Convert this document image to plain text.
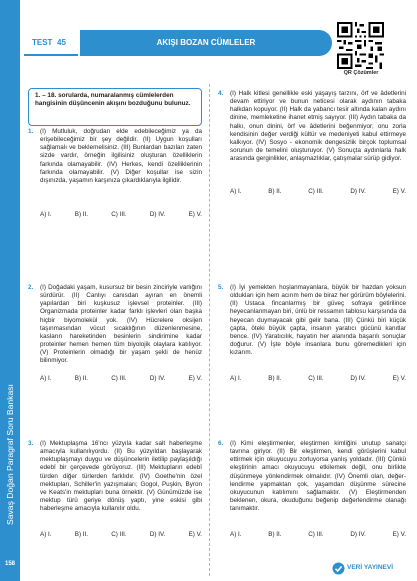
Savaş Doğan Paragraf Soru Bankası
158
TEST 45	AKIŞI BOZAN CÜMLELER
QR Çözümler
1. – 18. sorularda, numaralanmış cümlelerden hangisinin düşüncenin akışını bozduğunu bulunuz.
1. (I) Mutluluk, doğrudan elde edebileceğimiz ya da erişebileceğimiz bir şey değildir. (II) Uygun koşulları sağlamalı ve beklemelisiniz. (III) Bunlardan bazıları zaten sizde vardır, örneğin ilgilisiniz oluşturan özelliklerin farkında olamayabilir. (IV) Herkes, kendi özelliklerinin farkında olamayabilir. (V) Diğer koşullar ise sizin dışınızda, yaşamın karşınıza çıkardıklarıyla ilgilidir.
A) I.	B) II.	C) III.	D) IV.	E) V.
2. (I) Doğadaki yaşam, kusursuz bir besin zinciriyle varlığını sürdürür. (II) Canlıyı canısdan ayıran en önemli yapılardan biri kuşkusuz işlevsel proteinler. (III) Organizmada proteinler kadar farklı işlevleri olan başka hiçbir biyomolekül yok. (IV) Hücrelere oksijen taşınmasından vücut sıcaklığının düzenlenmesine, kasların hareketinden besinlerin sindirimine kadar proteinler hemen hemen tüm biyolojik olaylara katılıyor. (V) Proteinlerin olmadığı bir yaşam şekli de henüz bilinmiyor.
A) I.	B) II.	C) III.	D) IV.	E) V.
3. (I) Mektuplaşma 16'ncı yüzyıla kadar salt haberleşme amacıyla kullanılıyordu. (II) Bu yüzyıldan başlayarak mektuplaşmayı duygu ve düşüncelerin iletilip paylaşıldığı edebî bir çerçevede görüyoruz. (III) Mektupların edebî türden diğer türlerden farklıdır. (IV) Goethe'nin özel mektupları, Schiller'in yazışmaları; Gogol, Puşkin, Byron ve Keats'in mektupları buna örnektir. (V) Günümüzde ise mektup türü geriye dönüş yaptı, yine eskisi gibi haberleşme amacıyla kullanılır oldu.
A) I.	B) II.	C) III.	D) IV.	E) V.
4. (I) Halk kitlesi genellikle eski yaşayış tarzını, örf ve âdetlerini devam ettiriyor ve bunun neticesi olarak aydının tabaka halkdan kopuyor. (II) Halk da yabancı tesir altında kalan aydını dinine, memleketine ihanet etmiş sayıyor. (III) Aydın tabaka da halkı, onun dinini, örf ve âdetlerini beğenmiyor; onu zorla kendisinin değer verdiği kültür ve medeniyeti kabul ettirmeye kalkıyor. (IV) Sosyo - ekonomik dengesizlik birçok toplumsal sorunun de temelini oluşturuyor. (V) Sonuçta aydınlarla halk arasında gerginlikler, anlaşmazlıklar, çatışmalar sürüp gidiyor.
A) I.	B) II.	C) III.	D) IV.	E) V.
5. (I) İyi yemekten hoşlanmayanlara, büyük bir hazdan yoksun oldukları için hem acırım hem de biraz her görürüm böylelerini. (II) Ustaca fincanlarmış bir güveç sofraya getirilince heyecanlanmayan biri, ünlü bir ressamın tablosu karşısında da heyecan duymayacak gibi gelir bana. (III) Çünkü biri küçük çapta, öteki büyük çapta, insanın yaratıcı gücünü kanıtlar bence. (IV) Yaratıcılık, hayatın her alanında başarılı sonuçlar doğurur. (V) İşte böyle insanlara bunu göremedikleri için kızarım.
A) I.	B) II.	C) III.	D) IV.	E) V.
6. (I) Kimi eleştirmenler, eleştirmen kimliğini unutup sanatçı tavrına giriyor. (II) Bir eleştirmen, kendi görüşlerini kabul ettirmek için okuyucuyu zorluyorsa yanlış yoldadır. (III) Çünkü eleştirinin amacı okuyucuyu etkilemek değil, onu birlikte düşünmeye yönlendirmek olmalıdır. (IV) Önemli olan, değerlendirme yapmaktan çok, yaşamdan düşünme sürecine okuyucunun katılımını sağlamaktır. (V) Eleştirmenden beklenen, okura, okuduğunu beğenip değerlendirme olanağı tanımaktır.
A) I.	B) II.	C) III.	D) IV.	E) V.
VERİ YAYINEVİ
